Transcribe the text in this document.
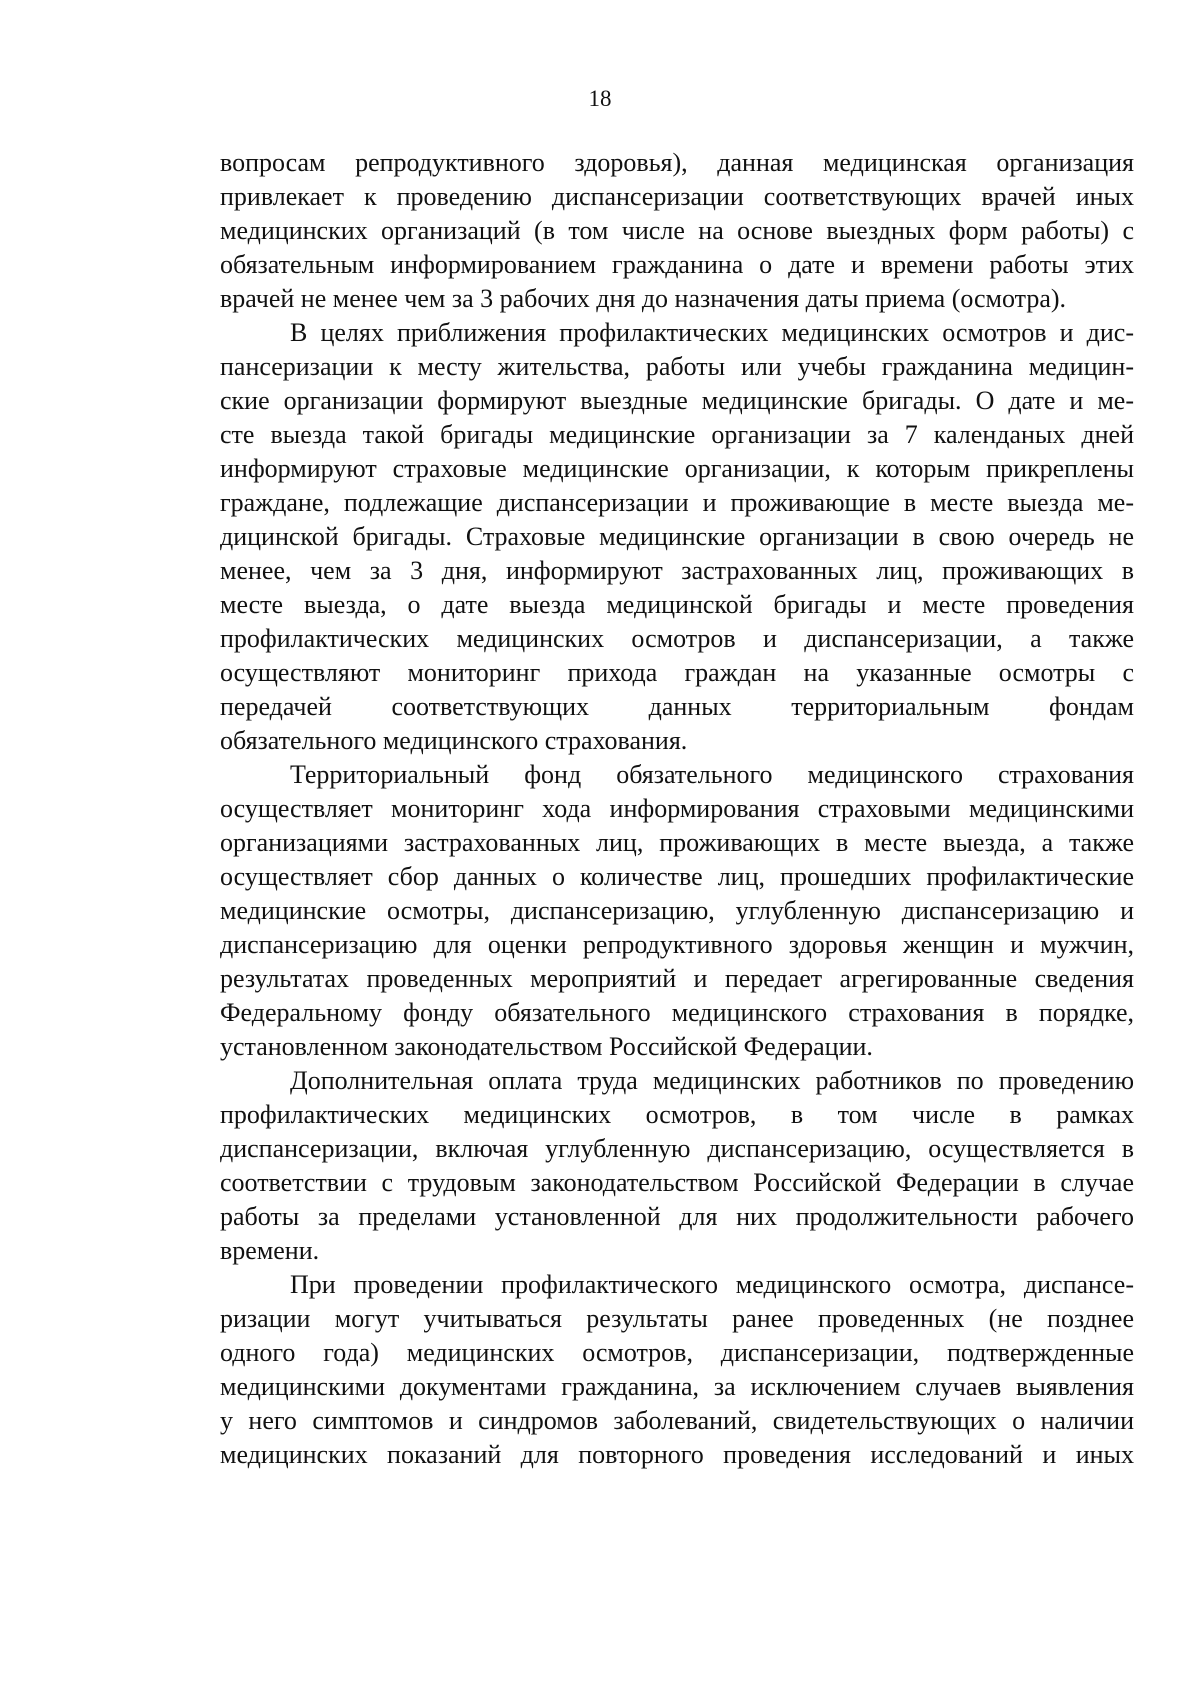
18
вопросам репродуктивного здоровья), данная медицинская организация
привлекает к проведению диспансеризации соответствующих врачей иных
медицинских организаций (в том числе на основе выездных форм работы) с
обязательным информированием гражданина о дате и времени работы этих
врачей не менее чем за 3 рабочих дня до назначения даты приема (осмотра).
В целях приближения профилактических медицинских осмотров и дис-
пансеризации к месту жительства, работы или учебы гражданина медицин-
ские организации формируют выездные медицинские бригады. О дате и ме-
сте выезда такой бригады медицинские организации за 7 календаных дней
информируют страховые медицинские организации, к которым прикреплены
граждане, подлежащие диспансеризации и проживающие в месте выезда ме-
дицинской бригады. Страховые медицинские организации в свою очередь не
менее, чем за 3 дня, информируют застрахованных лиц, проживающих в
месте выезда, о дате выезда медицинской бригады и месте проведения
профилактических медицинских осмотров и диспансеризации, а также
осуществляют мониторинг прихода граждан на указанные осмотры с
передачей соответствующих данных территориальным фондам
обязательного медицинского страхования.
Территориальный фонд обязательного медицинского страхования
осуществляет мониторинг хода информирования страховыми медицинскими
организациями застрахованных лиц, проживающих в месте выезда, а также
осуществляет сбор данных о количестве лиц, прошедших профилактические
медицинские осмотры, диспансеризацию, углубленную диспансеризацию и
диспансеризацию для оценки репродуктивного здоровья женщин и мужчин,
результатах проведенных мероприятий и передает агрегированные сведения
Федеральному фонду обязательного медицинского страхования в порядке,
установленном законодательством Российской Федерации.
Дополнительная оплата труда медицинских работников по проведению
профилактических медицинских осмотров, в том числе в рамках
диспансеризации, включая углубленную диспансеризацию, осуществляется в
соответствии с трудовым законодательством Российской Федерации в случае
работы за пределами установленной для них продолжительности рабочего
времени.
При проведении профилактического медицинского осмотра, диспансе-
ризации могут учитываться результаты ранее проведенных (не позднее
одного года) медицинских осмотров, диспансеризации, подтвержденные
медицинскими документами гражданина, за исключением случаев выявления
у него симптомов и синдромов заболеваний, свидетельствующих о наличии
медицинских показаний для повторного проведения исследований и иных
